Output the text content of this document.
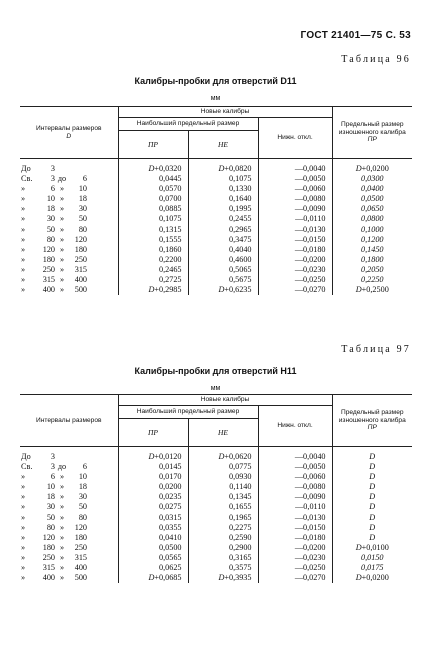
ГОСТ 21401—75 С. 53
Таблица 96
Калибры-пробки для отверстий D11
мм
Интервалы размеров
D	Новые калибры			Предельный размер изношенного калибра
ПР
	Наибольший предельный размер		Нижн. откл.	
	ПР	НЕ		
До 3	D+0,0320	D+0,0820	—0,0040	D+0,0200
Св. 3 до 6	0,0445	0,1075	—0,0050	0,0300
» 6 » 10	0,0570	0,1330	—0,0060	0,0400
» 10 » 18	0,0700	0,1640	—0,0080	0,0500
» 18 » 30	0,0885	0,1995	—0,0090	0,0650
» 30 » 50	0,1075	0,2455	—0,0110	0,0800
» 50 » 80	0,1315	0,2965	—0,0130	0,1000
» 80 » 120	0,1555	0,3475	—0,0150	0,1200
» 120 » 180	0,1860	0,4040	—0,0180	0,1450
» 180 » 250	0,2200	0,4600	—0,0200	0,1800
» 250 » 315	0,2465	0,5065	—0,0230	0,2050
» 315 » 400	0,2725	0,5675	—0,0250	0,2250
» 400 » 500	D+0,2985	D+0,6235	—0,0270	D+0,2500
Таблица 97
Калибры-пробки для отверстий H11
мм
Интервалы размеров	Новые калибры			Предельный размер изношенного калибра
ПР
	Наибольший предельный размер		Нижн. откл.	
	ПР	НЕ		
До 3	D+0,0120	D+0,0620	—0,0040	D
Св. 3 до 6	0,0145	0,0775	—0,0050	D
» 6 » 10	0,0170	0,0930	—0,0060	D
» 10 » 18	0,0200	0,1140	—0,0080	D
» 18 » 30	0,0235	0,1345	—0,0090	D
» 30 » 50	0,0275	0,1655	—0,0110	D
» 50 » 80	0,0315	0,1965	—0,0130	D
» 80 » 120	0,0355	0,2275	—0,0150	D
» 120 » 180	0,0410	0,2590	—0,0180	D
» 180 » 250	0,0500	0,2900	—0,0200	D+0,0100
» 250 » 315	0,0565	0,3165	—0,0230	0,0150
» 315 » 400	0,0625	0,3575	—0,0250	0,0175
» 400 » 500	D+0,0685	D+0,3935	—0,0270	D+0,0200
